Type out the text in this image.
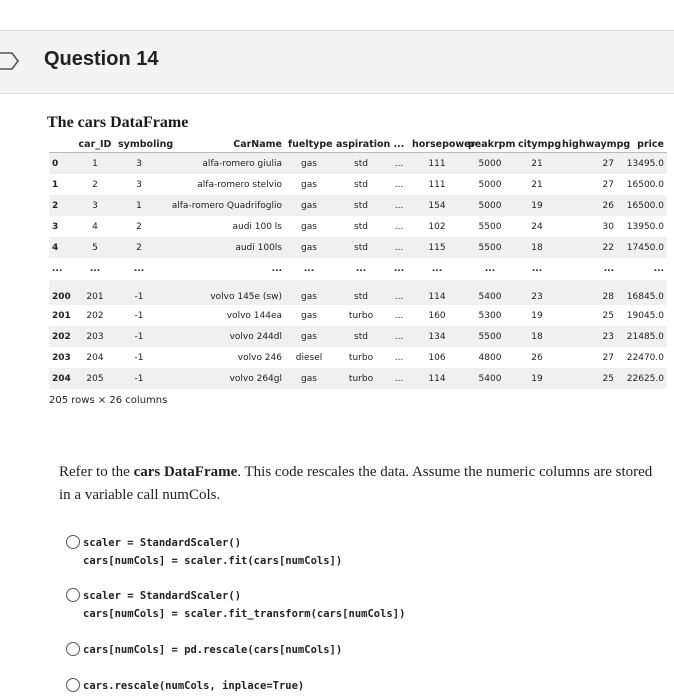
Question 14
The cars DataFrame
	car_ID	symboling	CarName	fueltype	aspiration	...	horsepower	peakrpm	citympg	highwaympg	price
0	1	3	alfa-romero giulia	gas	std	...	111	5000	21	27	13495.0
1	2	3	alfa-romero stelvio	gas	std	...	111	5000	21	27	16500.0
2	3	1	alfa-romero Quadrifoglio	gas	std	...	154	5000	19	26	16500.0
3	4	2	audi 100 ls	gas	std	...	102	5500	24	30	13950.0
4	5	2	audi 100ls	gas	std	...	115	5500	18	22	17450.0
...	...	...	...	...	...	...	...	...	...	...	...
200	201	-1	volvo 145e (sw)	gas	std	...	114	5400	23	28	16845.0
201	202	-1	volvo 144ea	gas	turbo	...	160	5300	19	25	19045.0
202	203	-1	volvo 244dl	gas	std	...	134	5500	18	23	21485.0
203	204	-1	volvo 246	diesel	turbo	...	106	4800	26	27	22470.0
204	205	-1	volvo 264gl	gas	turbo	...	114	5400	19	25	22625.0
205 rows × 26 columns
Refer to the cars DataFrame. This code rescales the data. Assume the numeric columns are stored in a variable call numCols.
scaler = StandardScaler()
cars[numCols] = scaler.fit(cars[numCols])
scaler = StandardScaler()
cars[numCols] = scaler.fit_transform(cars[numCols])
cars[numCols] = pd.rescale(cars[numCols])
cars.rescale(numCols, inplace=True)
